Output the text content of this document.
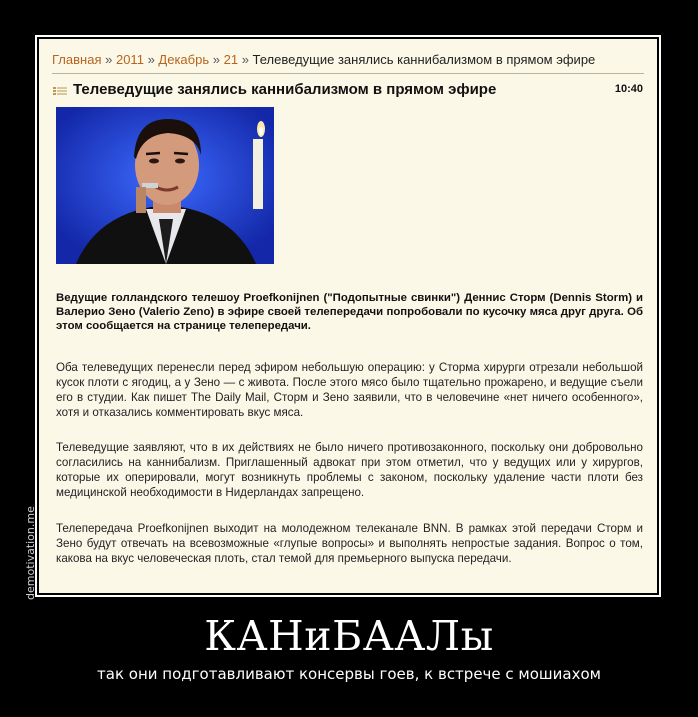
demotivation.me
Главная » 2011 » Декабрь » 21 » Телеведущие занялись каннибализмом в прямом эфире
Телеведущие занялись каннибализмом в прямом эфире	10:40
Ведущие голландского телешоу Proefkonijnen ("Подопытные свинки") Деннис Сторм (Dennis Storm) и Валерио Зено (Valerio Zeno) в эфире своей телепередачи попробовали по кусочку мяса друг друга. Об этом сообщается на странице телепередачи.
Оба телеведущих перенесли перед эфиром небольшую операцию: у Сторма хирурги отрезали небольшой кусок плоти с ягодиц, а у Зено — с живота. После этого мясо было тщательно прожарено, и ведущие съели его в студии. Как пишет The Daily Mail, Сторм и Зено заявили, что в человечине «нет ничего особенного», хотя и отказались комментировать вкус мяса.
Телеведущие заявляют, что в их действиях не было ничего противозаконного, поскольку они добровольно согласились на каннибализм. Приглашенный адвокат при этом отметил, что у ведущих или у хирургов, которые их оперировали, могут возникнуть проблемы с законом, поскольку удаление части плоти без медицинской необходимости в Нидерландах запрещено.
Телепередача Proefkonijnen выходит на молодежном телеканале BNN. В рамках этой передачи Сторм и Зено будут отвечать на всевозможные «глупые вопросы» и выполнять непростые задания. Вопрос о том, какова на вкус человеческая плоть, стал темой для премьерного выпуска передачи.
КАНиБААЛы
так они подготавливают консервы гоев, к встрече с мошиахом
